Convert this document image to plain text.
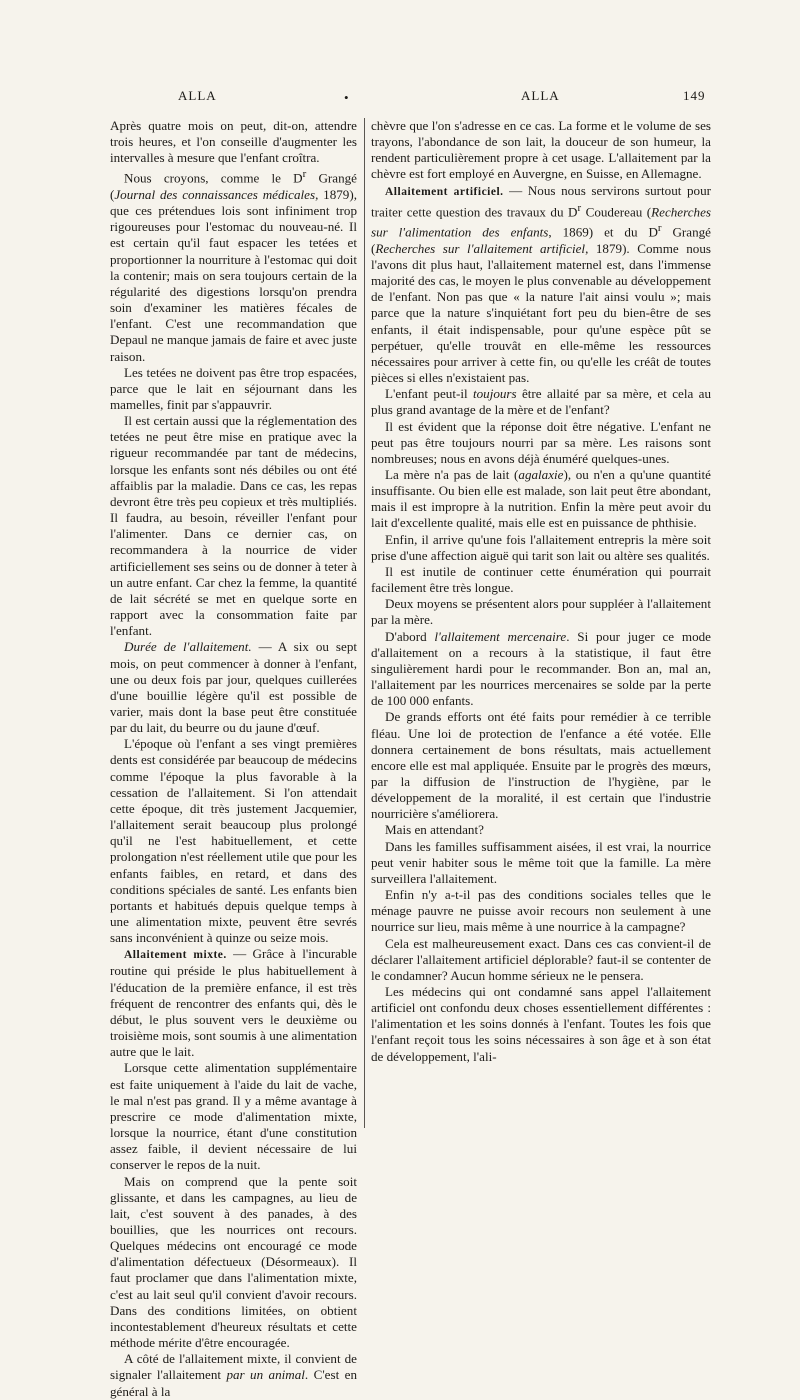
ALLA	•	ALLA	149

Après quatre mois on peut, dit-on, attendre trois heures, et l'on conseille d'augmenter les intervalles à mesure que l'enfant croîtra.

Nous croyons, comme le $D^r$ Grangé (Journal des connaissances médicales, 1879), que ces prétendues lois sont infiniment trop rigoureuses pour l'estomac du nouveau-né. Il est certain qu'il faut espacer les tetées et proportionner la nourriture à l'estomac qui doit la contenir; mais on sera toujours certain de la régularité des digestions lorsqu'on prendra soin d'examiner les matières fécales de l'enfant. C'est une recommandation que Depaul ne manque jamais de faire et avec juste raison.

Les tetées ne doivent pas être trop espacées, parce que le lait en séjournant dans les mamelles, finit par s'appauvrir.

Il est certain aussi que la réglementation des tetées ne peut être mise en pratique avec la rigueur recommandée par tant de médecins, lorsque les enfants sont nés débiles ou ont été affaiblis par la maladie. Dans ce cas, les repas devront être très peu copieux et très multipliés. Il faudra, au besoin, réveiller l'enfant pour l'alimenter. Dans ce dernier cas, on recommandera à la nourrice de vider artificiellement ses seins ou de donner à teter à un autre enfant. Car chez la femme, la quantité de lait sécrété se met en quelque sorte en rapport avec la consommation faite par l'enfant.

Durée de l'allaitement. — A six ou sept mois, on peut commencer à donner à l'enfant, une ou deux fois par jour, quelques cuillerées d'une bouillie légère qu'il est possible de varier, mais dont la base peut être constituée par du lait, du beurre ou du jaune d'œuf.

L'époque où l'enfant a ses vingt premières dents est considérée par beaucoup de médecins comme l'époque la plus favorable à la cessation de l'allaitement. Si l'on attendait cette époque, dit très justement Jacquemier, l'allaitement serait beaucoup plus prolongé qu'il ne l'est habituellement, et cette prolongation n'est réellement utile que pour les enfants faibles, en retard, et dans des conditions spéciales de santé. Les enfants bien portants et habitués depuis quelque temps à une alimentation mixte, peuvent être sevrés sans inconvénient à quinze ou seize mois.

Allaitement mixte. — Grâce à l'incurable routine qui préside le plus habituellement à l'éducation de la première enfance, il est très fréquent de rencontrer des enfants qui, dès le début, le plus souvent vers le deuxième ou troisième mois, sont soumis à une alimentation autre que le lait.

Lorsque cette alimentation supplémentaire est faite uniquement à l'aide du lait de vache, le mal n'est pas grand. Il y a même avantage à prescrire ce mode d'alimentation mixte, lorsque la nourrice, étant d'une constitution assez faible, il devient nécessaire de lui conserver le repos de la nuit.

Mais on comprend que la pente soit glissante, et dans les campagnes, au lieu de lait, c'est souvent à des panades, à des bouillies, que les nourrices ont recours. Quelques médecins ont encouragé ce mode d'alimentation défectueux (Désormeaux). Il faut proclamer que dans l'alimentation mixte, c'est au lait seul qu'il convient d'avoir recours. Dans des conditions limitées, on obtient incontestablement d'heureux résultats et cette méthode mérite d'être encouragée.

A côté de l'allaitement mixte, il convient de signaler l'allaitement par un animal. C'est en général à la

chèvre que l'on s'adresse en ce cas. La forme et le volume de ses trayons, l'abondance de son lait, la douceur de son humeur, la rendent particulièrement propre à cet usage. L'allaitement par la chèvre est fort employé en Auvergne, en Suisse, en Allemagne.

Allaitement artificiel. — Nous nous servirons surtout pour traiter cette question des travaux du $D^r$ Coudereau (Recherches sur l'alimentation des enfants, 1869) et du $D^r$ Grangé (Recherches sur l'allaitement artificiel, 1879). Comme nous l'avons dit plus haut, l'allaitement maternel est, dans l'immense majorité des cas, le moyen le plus convenable au développement de l'enfant. Non pas que « la nature l'ait ainsi voulu »; mais parce que la nature s'inquiétant fort peu du bien-être de ses enfants, il était indispensable, pour qu'une espèce pût se perpétuer, qu'elle trouvât en elle-même les ressources nécessaires pour arriver à cette fin, ou qu'elle les créât de toutes pièces si elles n'existaient pas.

L'enfant peut-il toujours être allaité par sa mère, et cela au plus grand avantage de la mère et de l'enfant?

Il est évident que la réponse doit être négative. L'enfant ne peut pas être toujours nourri par sa mère. Les raisons sont nombreuses; nous en avons déjà énuméré quelques-unes.

La mère n'a pas de lait (agalaxie), ou n'en a qu'une quantité insuffisante. Ou bien elle est malade, son lait peut être abondant, mais il est impropre à la nutrition. Enfin la mère peut avoir du lait d'excellente qualité, mais elle est en puissance de phthisie.

Enfin, il arrive qu'une fois l'allaitement entrepris la mère soit prise d'une affection aiguë qui tarit son lait ou altère ses qualités.

Il est inutile de continuer cette énumération qui pourrait facilement être très longue.

Deux moyens se présentent alors pour suppléer à l'allaitement par la mère.

D'abord l'allaitement mercenaire. Si pour juger ce mode d'allaitement on a recours à la statistique, il faut être singulièrement hardi pour le recommander. Bon an, mal an, l'allaitement par les nourrices mercenaires se solde par la perte de 100 000 enfants.

De grands efforts ont été faits pour remédier à ce terrible fléau. Une loi de protection de l'enfance a été votée. Elle donnera certainement de bons résultats, mais actuellement encore elle est mal appliquée. Ensuite par le progrès des mœurs, par la diffusion de l'instruction de l'hygiène, par le développement de la moralité, il est certain que l'industrie nourricière s'améliorera.

Mais en attendant?

Dans les familles suffisamment aisées, il est vrai, la nourrice peut venir habiter sous le même toit que la famille. La mère surveillera l'allaitement.

Enfin n'y a-t-il pas des conditions sociales telles que le ménage pauvre ne puisse avoir recours non seulement à une nourrice sur lieu, mais même à une nourrice à la campagne?

Cela est malheureusement exact. Dans ces cas convient-il de déclarer l'allaitement artificiel déplorable? faut-il se contenter de le condamner? Aucun homme sérieux ne le pensera.

Les médecins qui ont condamné sans appel l'allaitement artificiel ont confondu deux choses essentiellement différentes : l'alimentation et les soins donnés à l'enfant. Toutes les fois que l'enfant reçoit tous les soins nécessaires à son âge et à son état de développement, l'ali-
